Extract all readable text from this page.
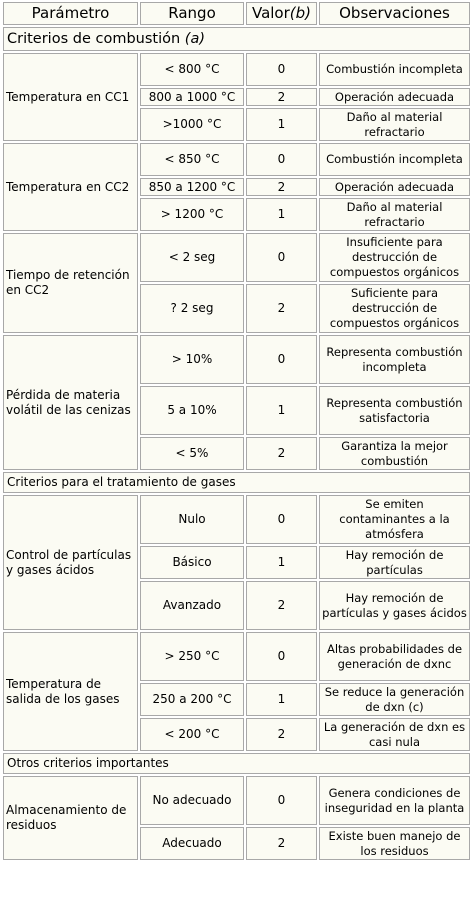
Parámetro	Rango	Valor(b)	Observaciones
Criterios de combustión (a)			
Temperatura en CC1	< 800 °C	0	Combustión incompleta
	800 a 1000 °C	2	Operación adecuada
	>1000 °C	1	Daño al material refractario
Temperatura en CC2	< 850 °C	0	Combustión incompleta
	850 a 1200 °C	2	Operación adecuada
	> 1200 °C	1	Daño al material refractario
Tiempo de retención en CC2	< 2 seg	0	Insuficiente para destrucción de compuestos orgánicos
	? 2 seg	2	Suficiente para destrucción de compuestos orgánicos
Pérdida de materia volátil de las cenizas	> 10%	0	Representa combustión incompleta
	5 a 10%	1	Representa combustión satisfactoria
	< 5%	2	Garantiza la mejor combustión
Criterios para el tratamiento de gases			
Control de partículas y gases ácidos	Nulo	0	Se emiten contaminantes a la atmósfera
	Básico	1	Hay remoción de partículas
	Avanzado	2	Hay remoción de partículas y gases ácidos
Temperatura de salida de los gases	> 250 °C	0	Altas probabilidades de generación de dxnc
	250 a 200 °C	1	Se reduce la generación de dxn (c)
	< 200 °C	2	La generación de dxn es casi nula
Otros criterios importantes			
Almacenamiento de residuos	No adecuado	0	Genera condiciones de inseguridad en la planta
	Adecuado	2	Existe buen manejo de los residuos
